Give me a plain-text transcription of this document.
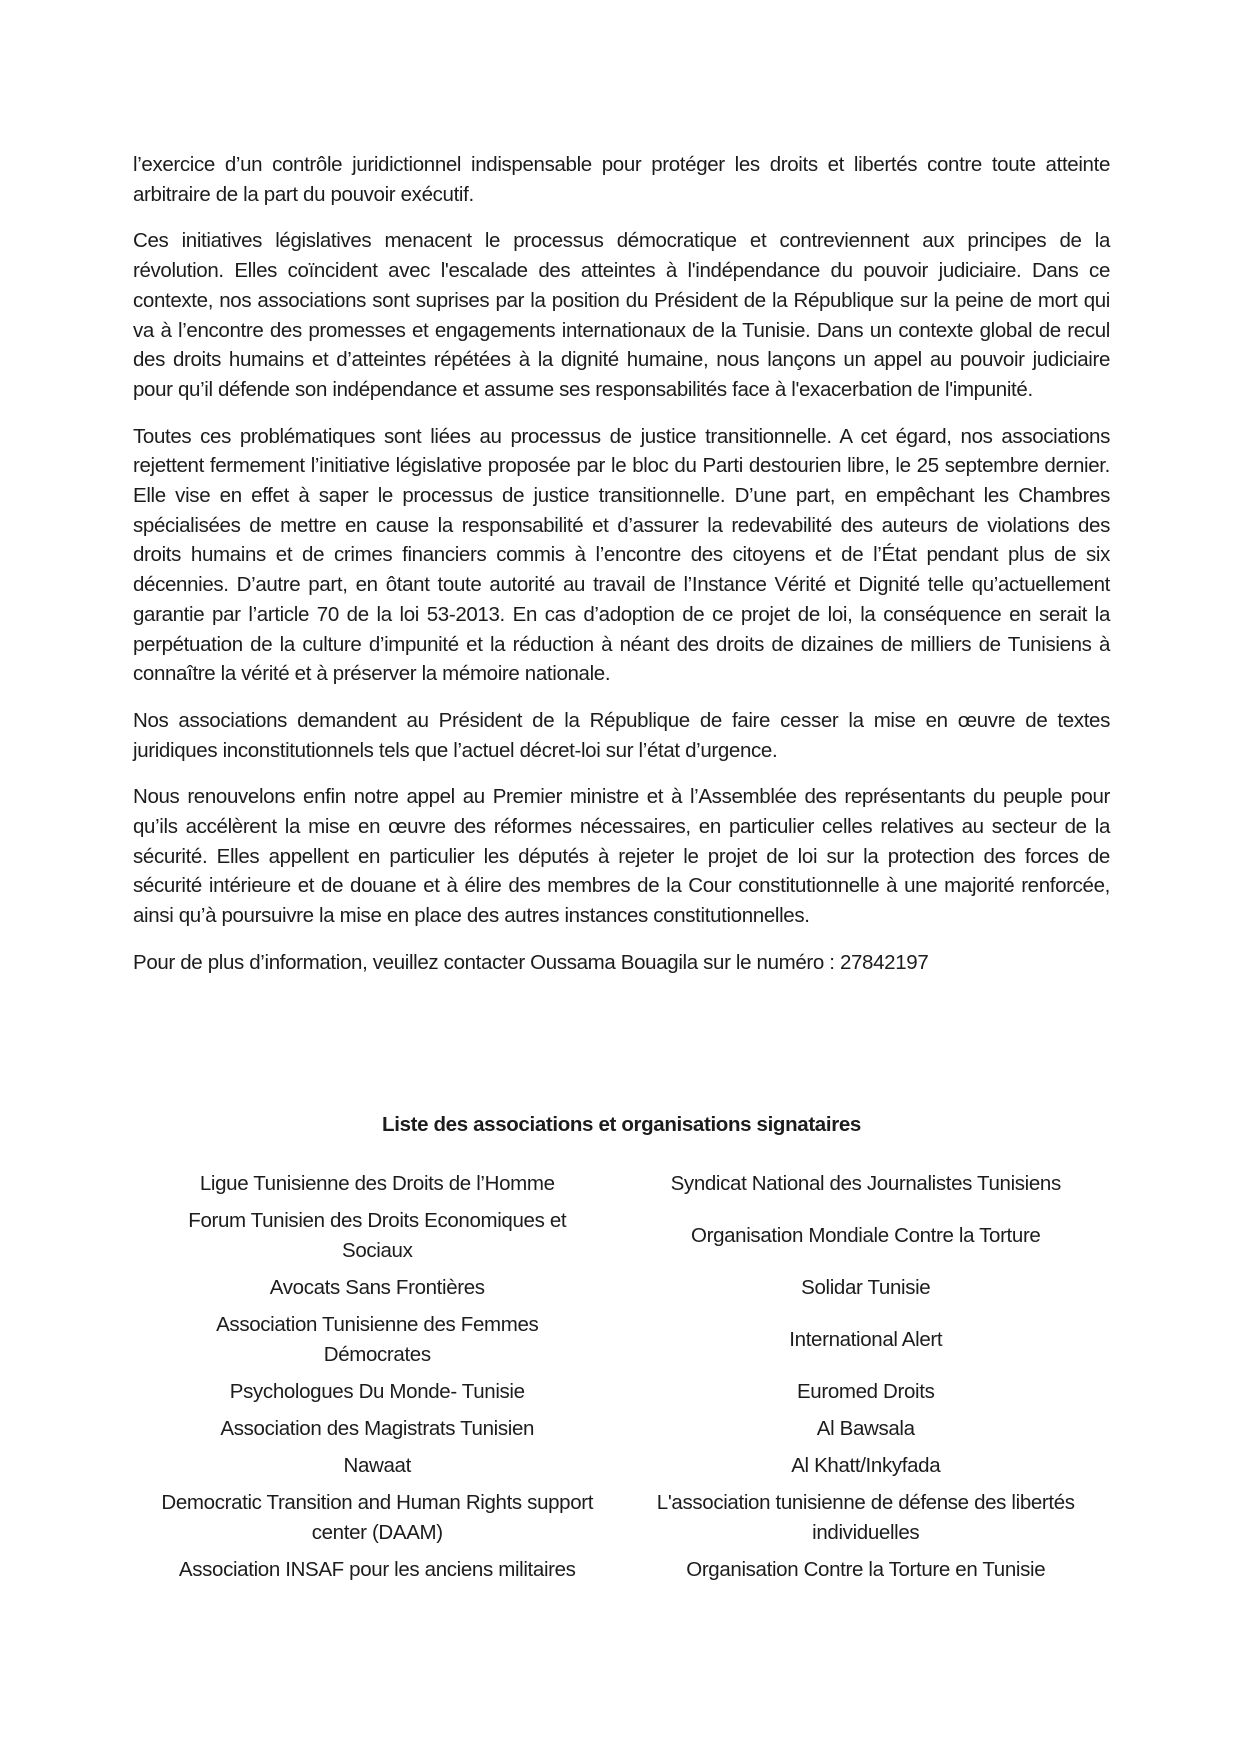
l’exercice d’un contrôle juridictionnel indispensable pour protéger les droits et libertés contre toute atteinte arbitraire de la part du pouvoir exécutif.

Ces initiatives législatives menacent le processus démocratique et contreviennent aux principes de la révolution. Elles coïncident avec l'escalade des atteintes à l'indépendance du pouvoir judiciaire. Dans ce contexte, nos associations sont suprises par la position du Président de la République sur la peine de mort qui va à l’encontre des promesses et engagements internationaux de la Tunisie. Dans un contexte global de recul des droits humains et d’atteintes répétées à la dignité humaine, nous lançons un appel au pouvoir judiciaire pour qu’il défende son indépendance et assume ses responsabilités face à l'exacerbation de l'impunité.

Toutes ces problématiques sont liées au processus de justice transitionnelle. A cet égard, nos associations rejettent fermement l’initiative législative proposée par le bloc du Parti destourien libre, le 25 septembre dernier. Elle vise en effet à saper le processus de justice transitionnelle. D’une part, en empêchant les Chambres spécialisées de mettre en cause la responsabilité et d’assurer la redevabilité des auteurs de violations des droits humains et de crimes financiers commis à l’encontre des citoyens et de l’État pendant plus de six décennies. D’autre part, en ôtant toute autorité au travail de l’Instance Vérité et Dignité telle qu’actuellement garantie par l’article 70 de la loi 53-2013. En cas d’adoption de ce projet de loi, la conséquence en serait la perpétuation de la culture d’impunité et la réduction à néant des droits de dizaines de milliers de Tunisiens à connaître la vérité et à préserver la mémoire nationale.

Nos associations demandent au Président de la République de faire cesser la mise en œuvre de textes juridiques inconstitutionnels tels que l’actuel décret-loi sur l’état d’urgence.

Nous renouvelons enfin notre appel au Premier ministre et à l’Assemblée des représentants du peuple pour qu’ils accélèrent la mise en œuvre des réformes nécessaires, en particulier celles relatives au secteur de la sécurité. Elles appellent en particulier les députés à rejeter le projet de loi sur la protection des forces de sécurité intérieure et de douane et à élire des membres de la Cour constitutionnelle à une majorité renforcée, ainsi qu’à poursuivre la mise en place des autres instances constitutionnelles.

Pour de plus d’information, veuillez contacter Oussama Bouagila sur le numéro : 27842197

Liste des associations et organisations signataires
Ligue Tunisienne des Droits de l’Homme	Syndicat National des Journalistes Tunisiens
Forum Tunisien des Droits Economiques et Sociaux	Organisation Mondiale Contre la Torture
Avocats Sans Frontières	Solidar Tunisie
Association Tunisienne des Femmes Démocrates	International Alert
Psychologues Du Monde- Tunisie	Euromed Droits
Association des Magistrats Tunisien	Al Bawsala
Nawaat	Al Khatt/Inkyfada
Democratic Transition and Human Rights support center (DAAM)	L'association tunisienne de défense des libertés individuelles
Association INSAF pour les anciens militaires	Organisation Contre la Torture en Tunisie
